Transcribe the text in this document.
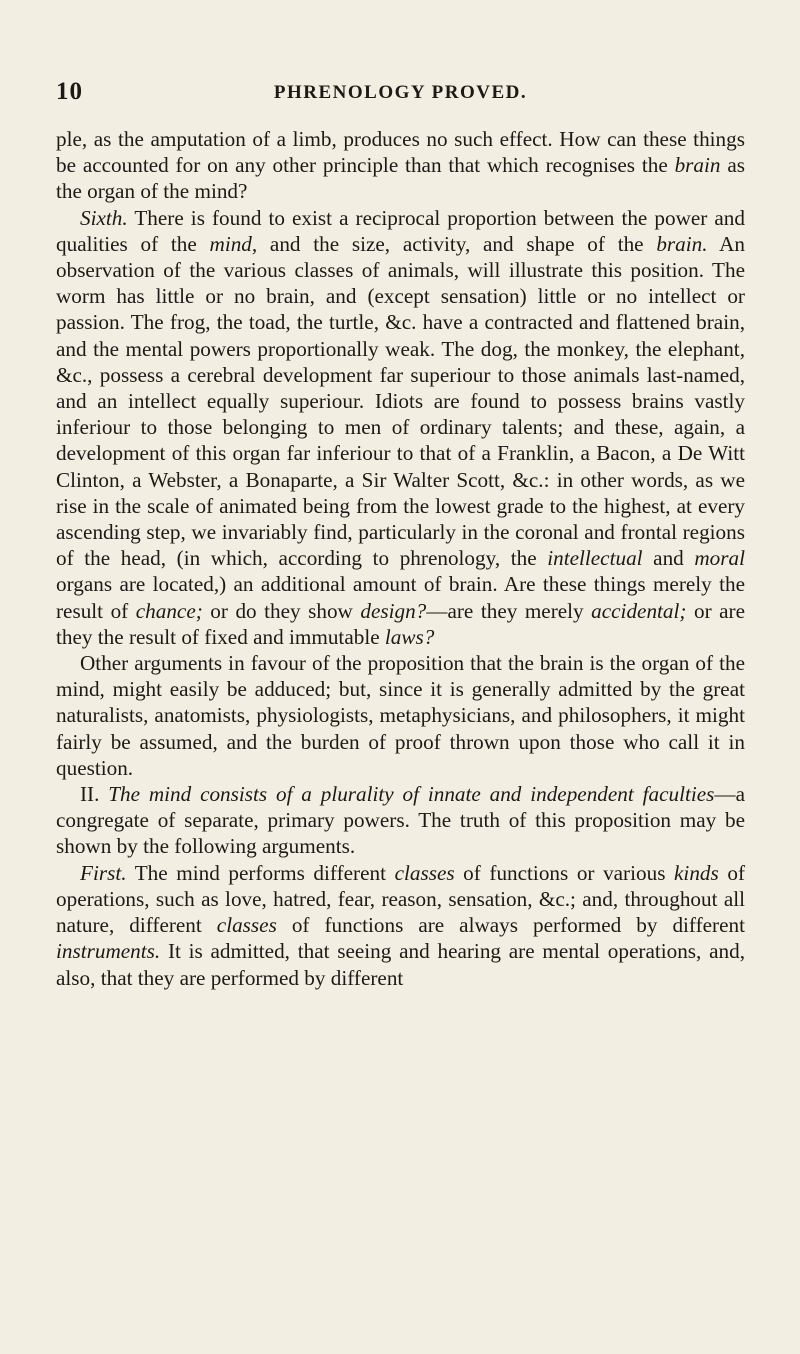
10	PHRENOLOGY PROVED.

ple, as the amputation of a limb, produces no such effect. How can these things be accounted for on any other principle than that which recognises the brain as the organ of the mind?

Sixth. There is found to exist a reciprocal proportion between the power and qualities of the mind, and the size, activity, and shape of the brain. An observation of the various classes of animals, will illustrate this position. The worm has little or no brain, and (except sensation) little or no intellect or passion. The frog, the toad, the turtle, &c. have a contracted and flattened brain, and the mental powers proportionally weak. The dog, the monkey, the elephant, &c., possess a cerebral development far superiour to those animals last-named, and an intellect equally superiour. Idiots are found to possess brains vastly inferiour to those belonging to men of ordinary talents; and these, again, a development of this organ far inferiour to that of a Franklin, a Bacon, a De Witt Clinton, a Webster, a Bonaparte, a Sir Walter Scott, &c.: in other words, as we rise in the scale of animated being from the lowest grade to the highest, at every ascending step, we invariably find, particularly in the coronal and frontal regions of the head, (in which, according to phrenology, the intellectual and moral organs are located,) an additional amount of brain. Are these things merely the result of chance; or do they show design?—are they merely accidental; or are they the result of fixed and immutable laws?

Other arguments in favour of the proposition that the brain is the organ of the mind, might easily be adduced; but, since it is generally admitted by the great naturalists, anatomists, physiologists, metaphysicians, and philosophers, it might fairly be assumed, and the burden of proof thrown upon those who call it in question.

II. The mind consists of a plurality of innate and independent faculties—a congregate of separate, primary powers. The truth of this proposition may be shown by the following arguments.

First. The mind performs different classes of functions or various kinds of operations, such as love, hatred, fear, reason, sensation, &c.; and, throughout all nature, different classes of functions are always performed by different instruments. It is admitted, that seeing and hearing are mental operations, and, also, that they are performed by different
